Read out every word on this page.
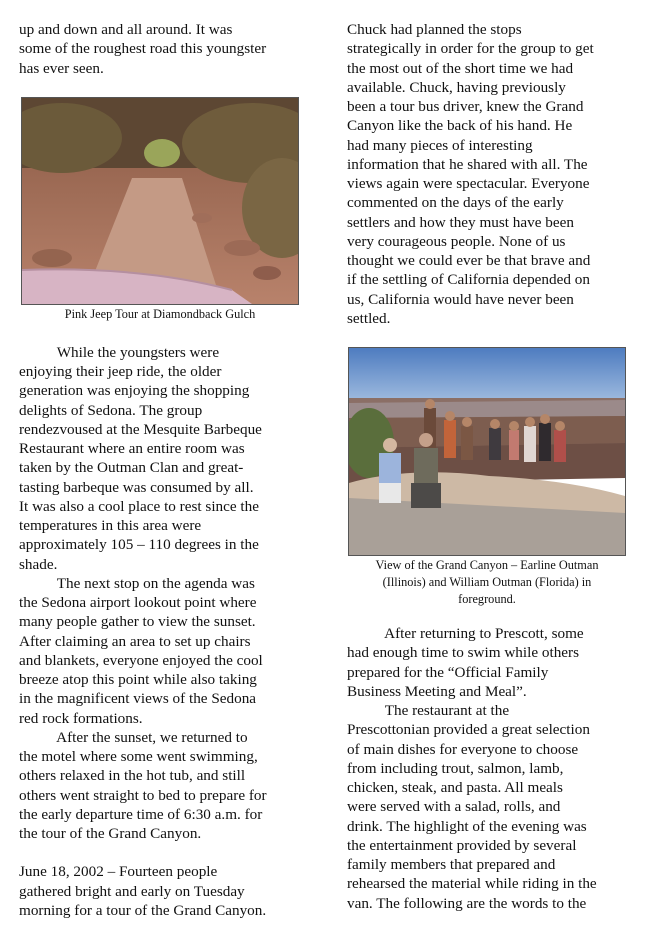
up and down and all around. It was
some of the roughest road this youngster
has ever seen.
Pink Jeep Tour at Diamondback Gulch
While the youngsters were
enjoying their jeep ride, the older
generation was enjoying the shopping
delights of Sedona. The group
rendezvoused at the Mesquite Barbeque
Restaurant where an entire room was
taken by the Outman Clan and great-
tasting barbeque was consumed by all.
It was also a cool place to rest since the
temperatures in this area were
approximately 105 – 110 degrees in the
shade.
The next stop on the agenda was
the Sedona airport lookout point where
many people gather to view the sunset.
After claiming an area to set up chairs
and blankets, everyone enjoyed the cool
breeze atop this point while also taking
in the magnificent views of the Sedona
red rock formations.
After the sunset, we returned to
the motel where some went swimming,
others relaxed in the hot tub, and still
others went straight to bed to prepare for
the early departure time of 6:30 a.m. for
the tour of the Grand Canyon.
June 18, 2002 – Fourteen people
gathered bright and early on Tuesday
morning for a tour of the Grand Canyon.
Chuck had planned the stops
strategically in order for the group to get
the most out of the short time we had
available. Chuck, having previously
been a tour bus driver, knew the Grand
Canyon like the back of his hand. He
had many pieces of interesting
information that he shared with all. The
views again were spectacular. Everyone
commented on the days of the early
settlers and how they must have been
very courageous people. None of us
thought we could ever be that brave and
if the settling of California depended on
us, California would have never been
settled.
View of the Grand Canyon – Earline Outman
(Illinois) and William Outman (Florida) in
foreground.
After returning to Prescott, some
had enough time to swim while others
prepared for the “Official Family
Business Meeting and Meal”.
The restaurant at the
Prescottonian provided a great selection
of main dishes for everyone to choose
from including trout, salmon, lamb,
chicken, steak, and pasta. All meals
were served with a salad, rolls, and
drink. The highlight of the evening was
the entertainment provided by several
family members that prepared and
rehearsed the material while riding in the
van. The following are the words to the
